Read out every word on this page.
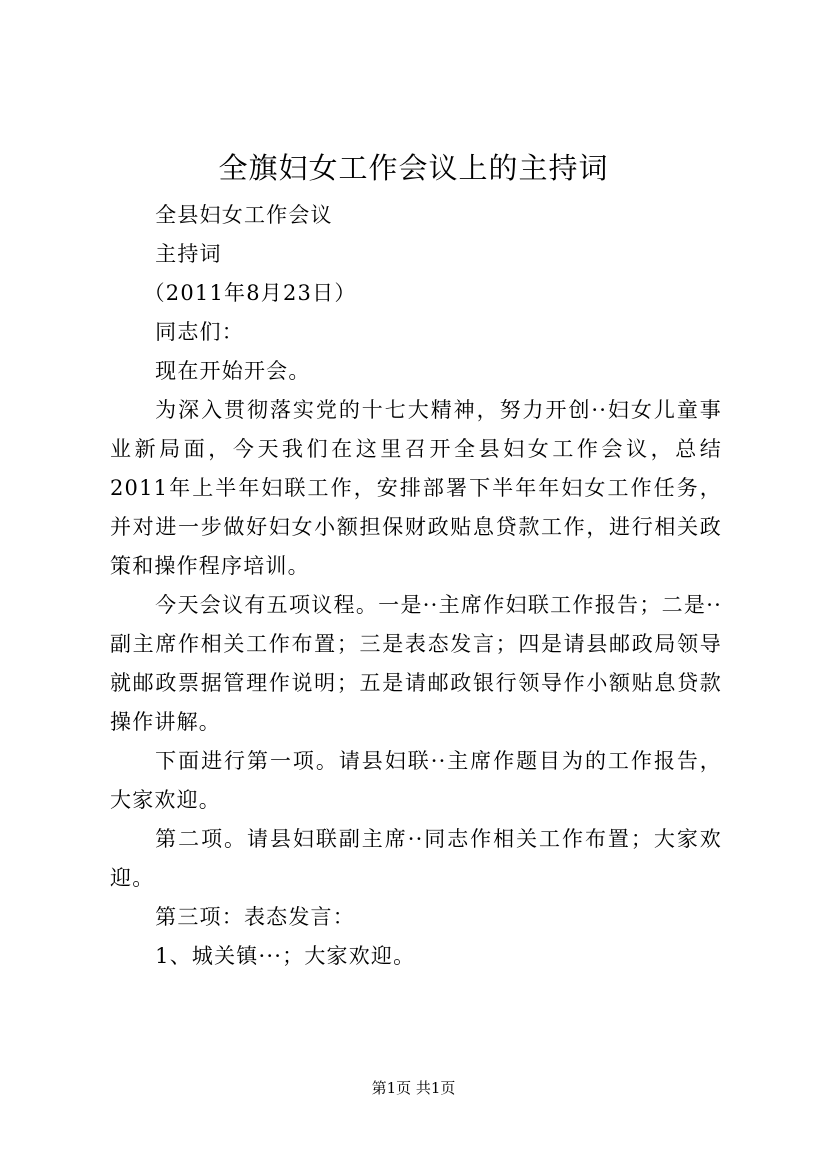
全旗妇女工作会议上的主持词

全县妇女工作会议

主持词

（2011年8月23日）

同志们：

现在开始开会。

为深入贯彻落实党的十七大精神，努力开创··妇女儿童事业新局面，今天我们在这里召开全县妇女工作会议，总结2011年上半年妇联工作，安排部署下半年年妇女工作任务，并对进一步做好妇女小额担保财政贴息贷款工作，进行相关政策和操作程序培训。

今天会议有五项议程。一是··主席作妇联工作报告；二是··副主席作相关工作布置；三是表态发言；四是请县邮政局领导就邮政票据管理作说明；五是请邮政银行领导作小额贴息贷款操作讲解。

下面进行第一项。请县妇联··主席作题目为的工作报告，大家欢迎。

第二项。请县妇联副主席··同志作相关工作布置；大家欢迎。

第三项：表态发言：

1、城关镇···；大家欢迎。

第1页 共1页
